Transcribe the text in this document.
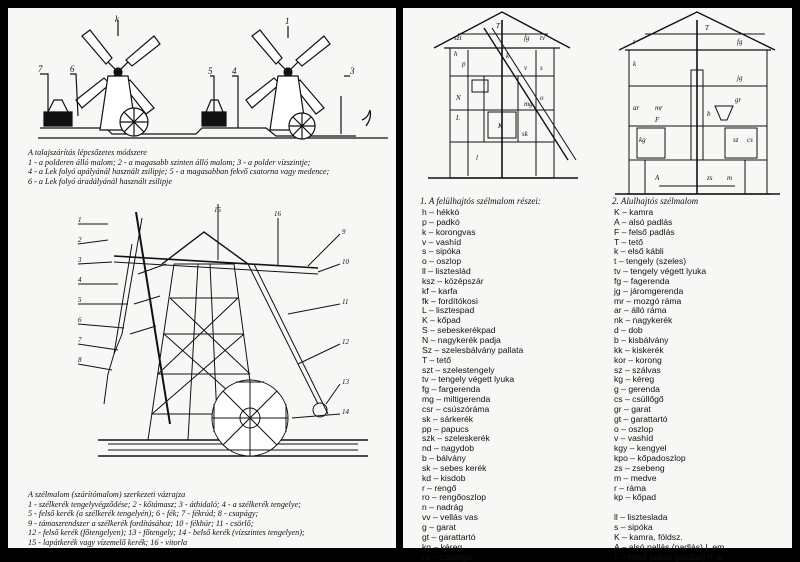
7	6
k
5 4
1
3
A talajszárítás lépcsőzetes módszere
1 - a polderen álló malom; 2 - a magasabb szinten álló malom; 3 - a polder vízszintje;
4 - a Lek folyó apályánál használt zsilipje; 5 - a magasabban fekvő csatorna vagy medence;
6 - a Lek folyó áradályánál használt zsilipje
1
2
3
4
5
6
7
8
9
10
11
12
13
14
15	16
A szélmalom (szárítómalom) szerkezeti vázrajza
1 - szélkerék tengelyvégződése; 2 - kőtámasz; 3 - áthidaló; 4 - a szélkerék tengelye;
5 - felső kerék (a szélkerék tengelyén); 6 - fék; 7 - fékrúd; 8 - csapágy;
9 - támaszrendszer a szélkerék fordításához; 10 - fékhúr; 11 - csörlő;
12 - felső kerék (főtengelyen); 13 - főtengely; 14 - belső kerék (vízszintes tengelyen);
15 - lapátkerék vagy vízemelő kerék; 16 - vitorla
T
h
p
k
v s
o
K
L
N
fg
mg
szt	tv
sk
l
T
t
k
b
fg
jg
ar mr
kg
A
F
gr
sz cs
zs m
1. A felülhajtós szélmalom részei:	2. Alulhajtós szélmalom
h – hékkó
p – padkó
k – korongvas
v – vashíd
s – sipóka
o – oszlop
ll – liszteslád
ksz – középszár
kf – karfa
fk – fordítókosi
L – lisztespad
K – kőpad
S – sebeskerékpad
N – nagykerék padja
Sz – szelesbálvány pallata
T – tető
szt – szelestengely
tv – tengely végett lyuka
fg – fargerenda
mg – miltigerenda
csr – csúszóráma
sk – sárkerék
pp – papucs
szk – szeleskerék
nd – nagydob
b – bálvány
sk – sebes kerék
kd – kisdob
r – rengő
ro – rengőoszlop
n – nadrág
vv – vellás vas
g – garat
gt – garattartó
kg – kéreg
cs – csüllőgő
K – kamra
A – alsó padlás
F – felső padlás
T – tető
k – első kábli
t – tengely (szeles)
tv – tengely végett lyuka
fg – fagerenda
jg – járomgerenda
mr – mozgó ráma
ar – álló ráma
nk – nagykerék
d – dob
b – kisbálvány
kk – kiskerék
kor – korong
sz – szálvas
kg – kéreg
g – gerenda
cs – csüllőgő
gr – garat
gt – garattartó
o – oszlop
v – vashíd
kgy – kengyel
kpo – kőpadoszlop
zs – zsebeng
m – medve
r – ráma
kp – kőpad

ll – liszteslada
s – sipóka
K – kamra, földsz.
A – alsó pallás (padlás) I. em.
F – felső pallás (padlás) II. e.
